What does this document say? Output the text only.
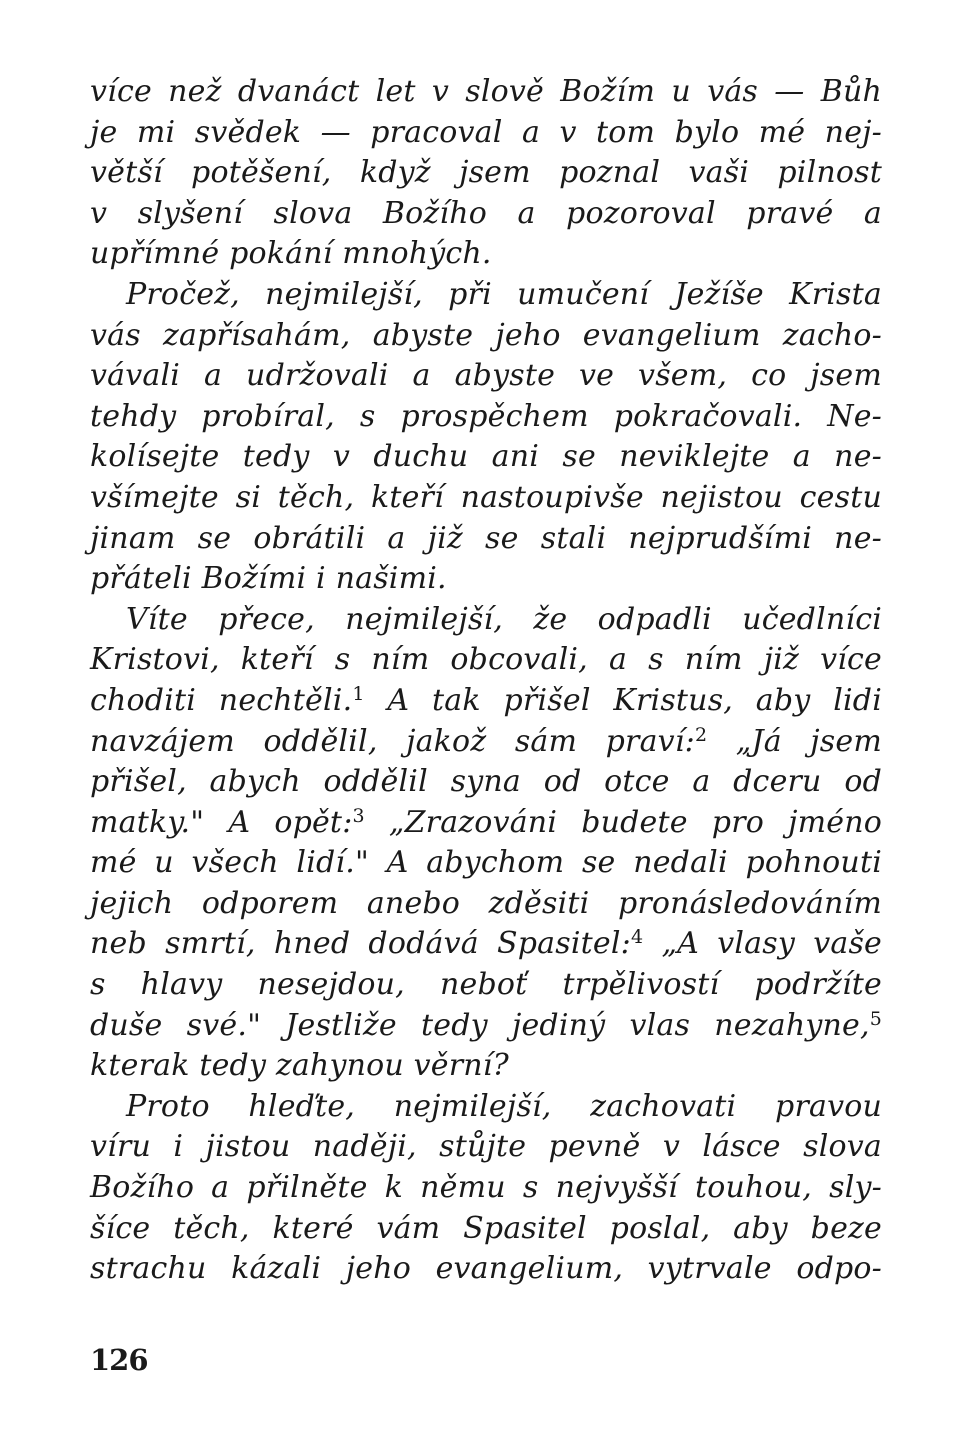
více než dvanáct let v slově Božím u vás — Bůh
je mi svědek — pracoval a v tom bylo mé nej-
větší potěšení, když jsem poznal vaši pilnost
v slyšení slova Božího a pozoroval pravé a
upřímné pokání mnohých.
Pročež, nejmilejší, při umučení Ježíše Krista
vás zapřísahám, abyste jeho evangelium zacho-
vávali a udržovali a abyste ve všem, co jsem
tehdy probíral, s prospěchem pokračovali. Ne-
kolísejte tedy v duchu ani se neviklejte a ne-
všímejte si těch, kteří nastoupivše nejistou cestu
jinam se obrátili a již se stali nejprudšími ne-
přáteli Božími i našimi.
Víte přece, nejmilejší, že odpadli učedlníci
Kristovi, kteří s ním obcovali, a s ním již více
choditi nechtěli.$^1$ A tak přišel Kristus, aby lidi
navzájem oddělil, jakož sám praví:$^2$ „Já jsem
přišel, abych oddělil syna od otce a dceru od
matky." A opět:$^3$ „Zrazováni budete pro jméno
mé u všech lidí." A abychom se nedali pohnouti
jejich odporem anebo zděsiti pronásledováním
neb smrtí, hned dodává Spasitel:$^4$ „A vlasy vaše
s hlavy nesejdou, neboť trpělivostí podržíte
duše své." Jestliže tedy jediný vlas nezahyne,$^5$
kterak tedy zahynou věrní?
Proto hleďte, nejmilejší, zachovati pravou
víru i jistou naději, stůjte pevně v lásce slova
Božího a přilněte k němu s nejvyšší touhou, sly-
šíce těch, které vám Spasitel poslal, aby beze
strachu kázali jeho evangelium, vytrvale odpo-
126
